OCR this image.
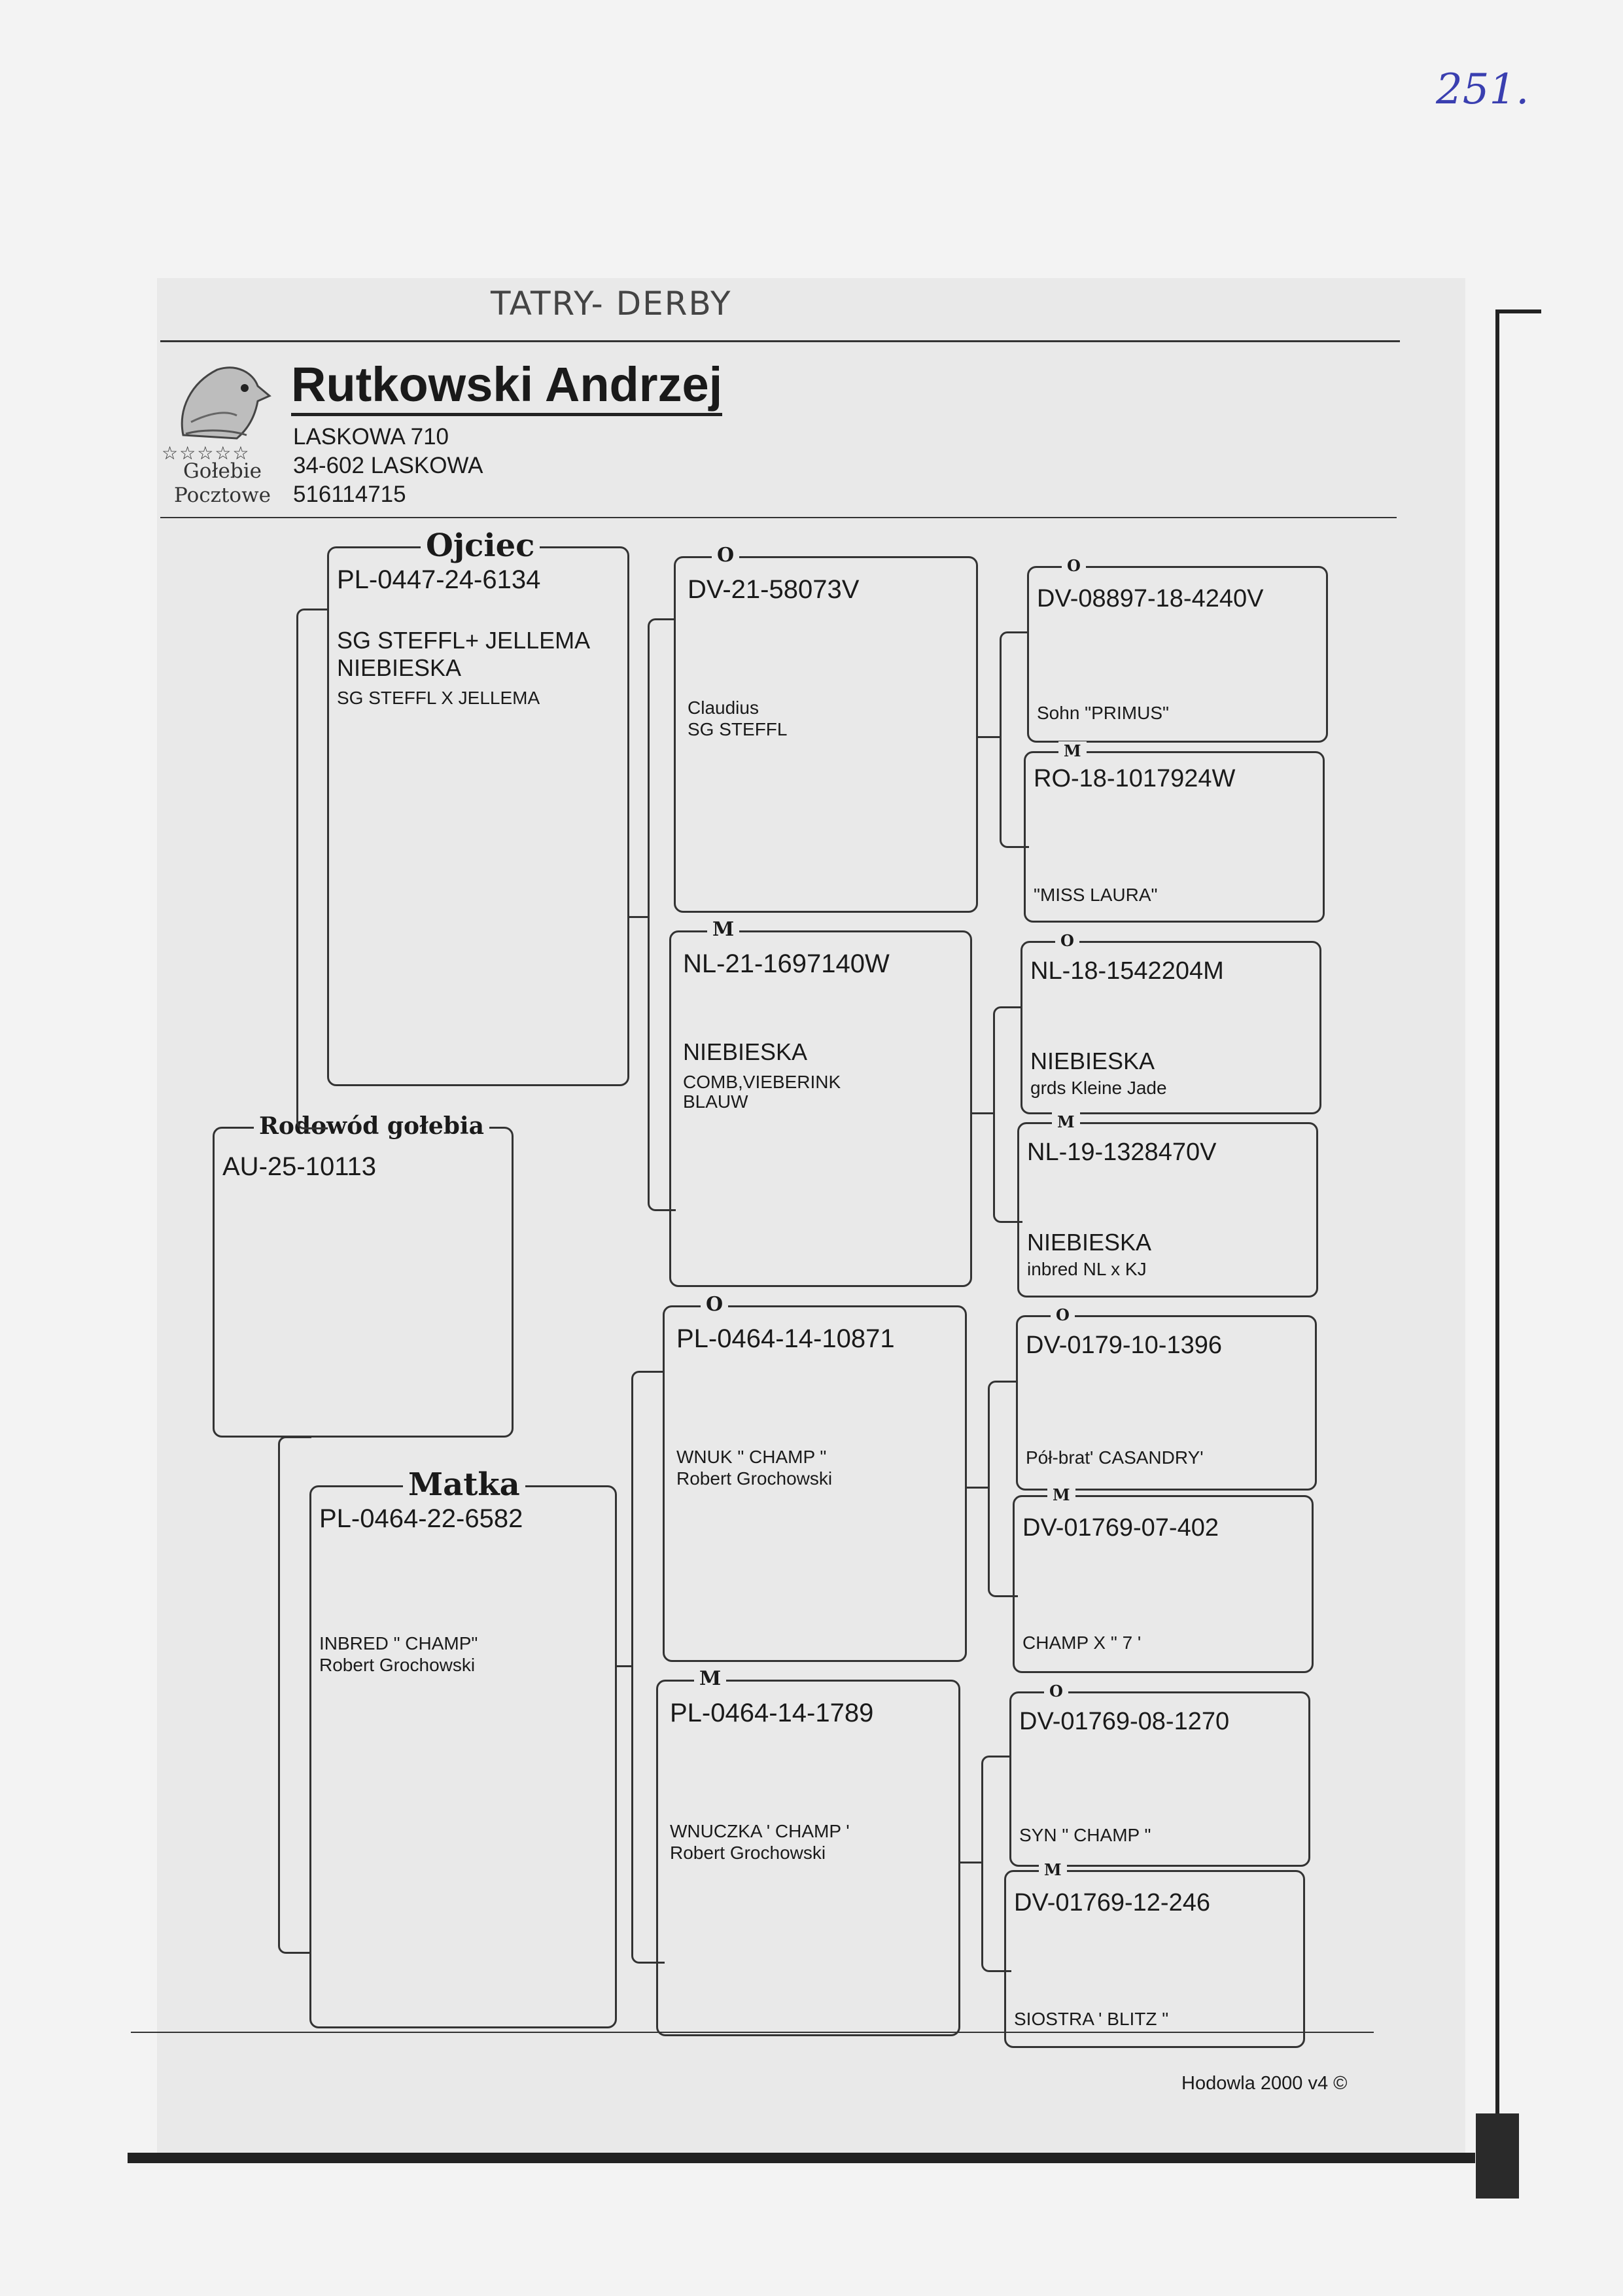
251.
TATRY- DERBY
☆☆☆☆☆
Gołebie
Pocztowe
Rutkowski Andrzej
LASKOWA 710
34-602 LASKOWA
516114715
Rodowód gołebia
AU-25-10113
Ojciec
PL-0447-24-6134
SG STEFFL+ JELLEMA
NIEBIESKA
SG STEFFL X JELLEMA
Matka
PL-0464-22-6582
INBRED " CHAMP"
Robert Grochowski
O
DV-21-58073V
Claudius
SG STEFFL
M
NL-21-1697140W
NIEBIESKA
COMB,VIEBERINK
BLAUW
O
PL-0464-14-10871
WNUK " CHAMP "
Robert Grochowski
M
PL-0464-14-1789
WNUCZKA ' CHAMP '
Robert Grochowski
O
DV-08897-18-4240V
Sohn "PRIMUS"
M
RO-18-1017924W
"MISS LAURA"
O
NL-18-1542204M
NIEBIESKA
grds Kleine Jade
M
NL-19-1328470V
NIEBIESKA
inbred NL x KJ
O
DV-0179-10-1396
Pół-brat' CASANDRY'
M
DV-01769-07-402
CHAMP X " 7 '
O
DV-01769-08-1270
SYN " CHAMP "
M
DV-01769-12-246
SIOSTRA ' BLITZ "
Hodowla 2000 v4 ©
